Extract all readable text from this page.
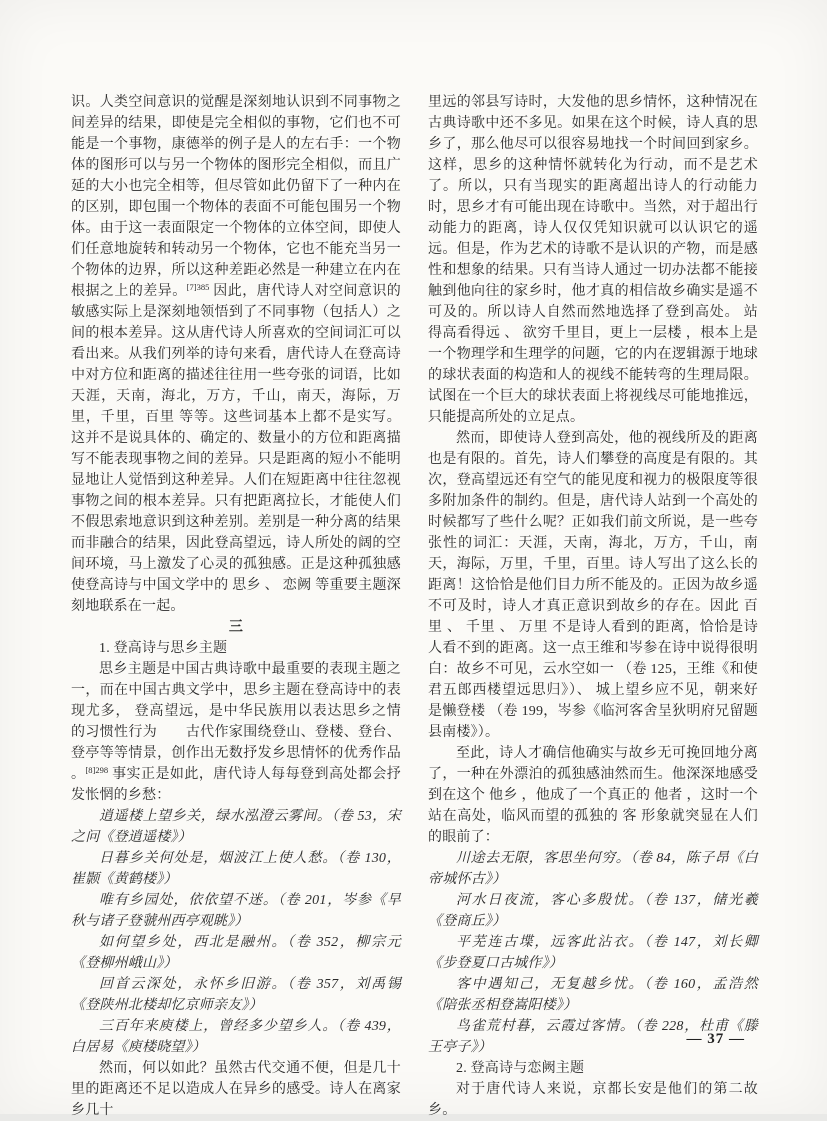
识。人类空间意识的觉醒是深刻地认识到不同事物之间差异的结果，即使是完全相似的事物，它们也不可能是一个事物，康德举的例子是人的左右手：一个物体的图形可以与另一个物体的图形完全相似，而且广延的大小也完全相等，但尽管如此仍留下了一种内在的区别，即包围一个物体的表面不可能包围另一个物体。由于这一表面限定一个物体的立体空间，即使人们任意地旋转和转动另一个物体，它也不能充当另一个物体的边界，所以这种差距必然是一种建立在内在根据之上的差异。$^{[7]385}$ 因此，唐代诗人对空间意识的敏感实际上是深刻地领悟到了不同事物（包括人）之间的根本差异。这从唐代诗人所喜欢的空间词汇可以看出来。从我们列举的诗句来看，唐代诗人在登高诗中对方位和距离的描述往往用一些夸张的词语，比如 天涯，天南，海北，万方，千山，南天，海际，万里，千里，百里 等等。这些词基本上都不是实写。这并不是说具体的、确定的、数量小的方位和距离描写不能表现事物之间的差异。只是距离的短小不能明显地让人觉悟到这种差异。人们在短距离中往往忽视事物之间的根本差异。只有把距离拉长，才能使人们不假思索地意识到这种差别。差别是一种分离的结果而非融合的结果，因此登高望远，诗人所处的阔的空间环境，马上激发了心灵的孤独感。正是这种孤独感使登高诗与中国文学中的 思乡 、 恋阙 等重要主题深刻地联系在一起。
三
1. 登高诗与思乡主题
思乡主题是中国古典诗歌中最重要的表现主题之一，而在中国古典文学中，思乡主题在登高诗中的表现尤多， 登高望远，是中华民族用以表达思乡之情的习惯性行为　　古代作家围绕登山、登楼、登台、登亭等等情景，创作出无数抒发乡思情怀的优秀作品 。$^{[8]298}$ 事实正是如此，唐代诗人每每登到高处都会抒发怅惘的乡愁：
逍遥楼上望乡关，绿水泓澄云雾间。（卷 53，宋之问《登逍遥楼》）
日暮乡关何处是，烟波江上使人愁。（卷 130，崔颢《黄鹤楼》）
唯有乡园处，依依望不迷。（卷 201，岑参《早秋与诸子登虢州西亭观眺》）
如何望乡处，西北是融州。（卷 352，柳宗元《登柳州峨山》）
回首云深处，永怀乡旧游。（卷 357，刘禹锡《登陕州北楼却忆京师亲友》）
三百年来庾楼上，曾经多少望乡人。（卷 439，白居易《庾楼晓望》）
然而，何以如此？虽然古代交通不便，但是几十里的距离还不足以造成人在异乡的感受。诗人在离家乡几十
里远的邻县写诗时，大发他的思乡情怀，这种情况在古典诗歌中还不多见。如果在这个时候，诗人真的思乡了，那么他尽可以很容易地找一个时间回到家乡。这样，思乡的这种情怀就转化为行动，而不是艺术了。所以，只有当现实的距离超出诗人的行动能力时，思乡才有可能出现在诗歌中。当然，对于超出行动能力的距离，诗人仅仅凭知识就可以认识它的遥远。但是，作为艺术的诗歌不是认识的产物，而是感性和想象的结果。只有当诗人通过一切办法都不能接触到他向往的家乡时，他才真的相信故乡确实是遥不可及的。所以诗人自然而然地选择了登到高处。 站得高看得远 、 欲穷千里目，更上一层楼 ，根本上是一个物理学和生理学的问题，它的内在逻辑源于地球的球状表面的构造和人的视线不能转弯的生理局限。试图在一个巨大的球状表面上将视线尽可能地推远，只能提高所处的立足点。
然而，即使诗人登到高处，他的视线所及的距离也是有限的。首先，诗人们攀登的高度是有限的。其次，登高望远还有空气的能见度和视力的极限度等很多附加条件的制约。但是，唐代诗人站到一个高处的时候都写了些什么呢？正如我们前文所说，是一些夸张性的词汇：天涯，天南，海北，万方，千山，南天，海际，万里，千里，百里。诗人写出了这么长的距离！这恰恰是他们目力所不能及的。正因为故乡遥不可及时，诗人才真正意识到故乡的存在。因此 百里 、 千里 、 万里 不是诗人看到的距离，恰恰是诗人看不到的距离。这一点王维和岑参在诗中说得很明白：故乡不可见，云水空如一 （卷 125，王维《和使君五郎西楼望远思归》）、 城上望乡应不见，朝来好是懒登楼 （卷 199，岑参《临河客舍呈狄明府兄留题县南楼》）。
至此，诗人才确信他确实与故乡无可挽回地分离了，一种在外漂泊的孤独感油然而生。他深深地感受到在这个 他乡 ，他成了一个真正的 他者 ，这时一个站在高处，临风而望的孤独的 客 形象就突显在人们的眼前了：
川途去无限，客思坐何穷。（卷 84，陈子昂《白帝城怀古》）
河水日夜流，客心多殷忧。（卷 137，储光羲《登商丘》）
平芜连古堞，远客此沾衣。（卷 147，刘长卿《步登夏口古城作》）
客中遇知己，无复越乡忧。（卷 160，孟浩然《陪张丞相登嵩阳楼》）
鸟雀荒村暮，云霞过客情。（卷 228，杜甫《滕王亭子》）
2. 登高诗与恋阙主题
对于唐代诗人来说，京都长安是他们的第二故乡。
— 37 —
